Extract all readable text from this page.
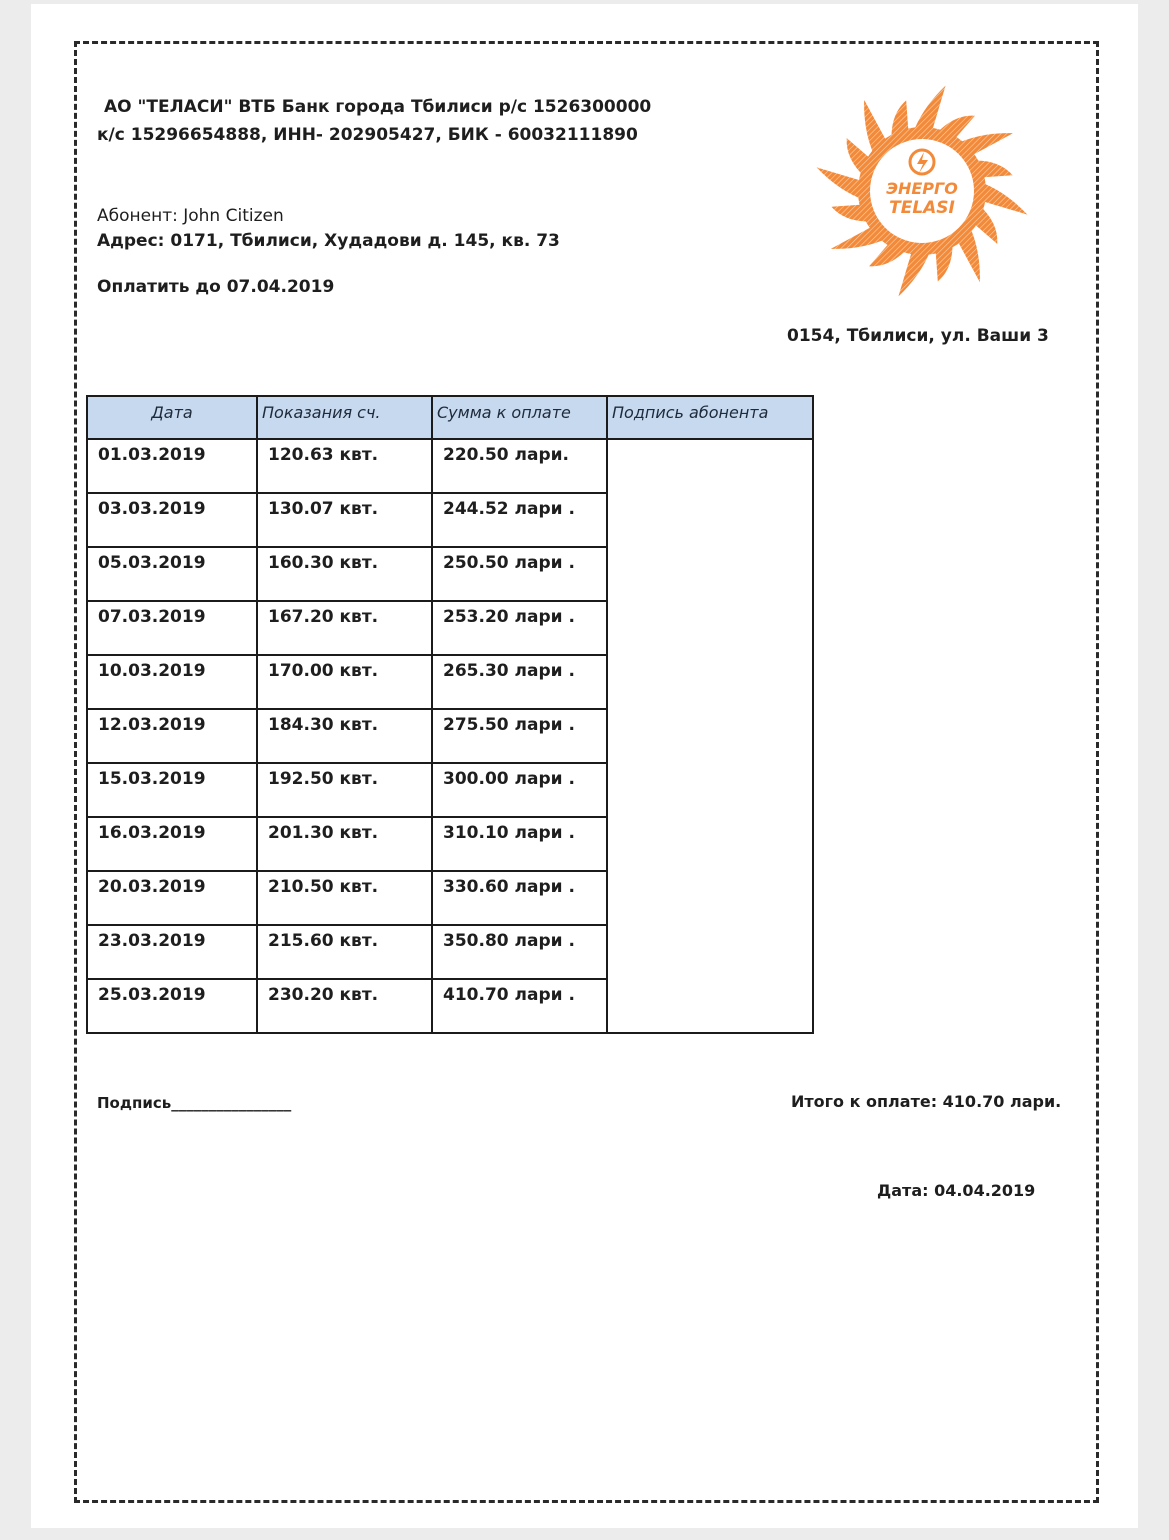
АО "ТЕЛАСИ" ВТБ Банк города Тбилиси р/с 1526300000
к/с 15296654888, ИНН- 202905427, БИК - 60032111890
Абонент: John Citizen
Адрес: 0171, Тбилиси, Худадови д. 145, кв. 73
Оплатить до 07.04.2019
0154, Тбилиси, ул. Ваши 3
ЭНЕРГО
TELASI
Дата	Показания сч.	Сумма к оплате	Подпись абонента
01.03.2019	120.63 квт.	220.50 лари.	
03.03.2019	130.07 квт.	244.52 лари .	
05.03.2019	160.30 квт.	250.50 лари .	
07.03.2019	167.20 квт.	253.20 лари .	
10.03.2019	170.00 квт.	265.30 лари .	
12.03.2019	184.30 квт.	275.50 лари .	
15.03.2019	192.50 квт.	300.00 лари .	
16.03.2019	201.30 квт.	310.10 лари .	
20.03.2019	210.50 квт.	330.60 лари .	
23.03.2019	215.60 квт.	350.80 лари .	
25.03.2019	230.20 квт.	410.70 лари .	
Подпись________________	Итого к оплате: 410.70 лари.
Дата: 04.04.2019
